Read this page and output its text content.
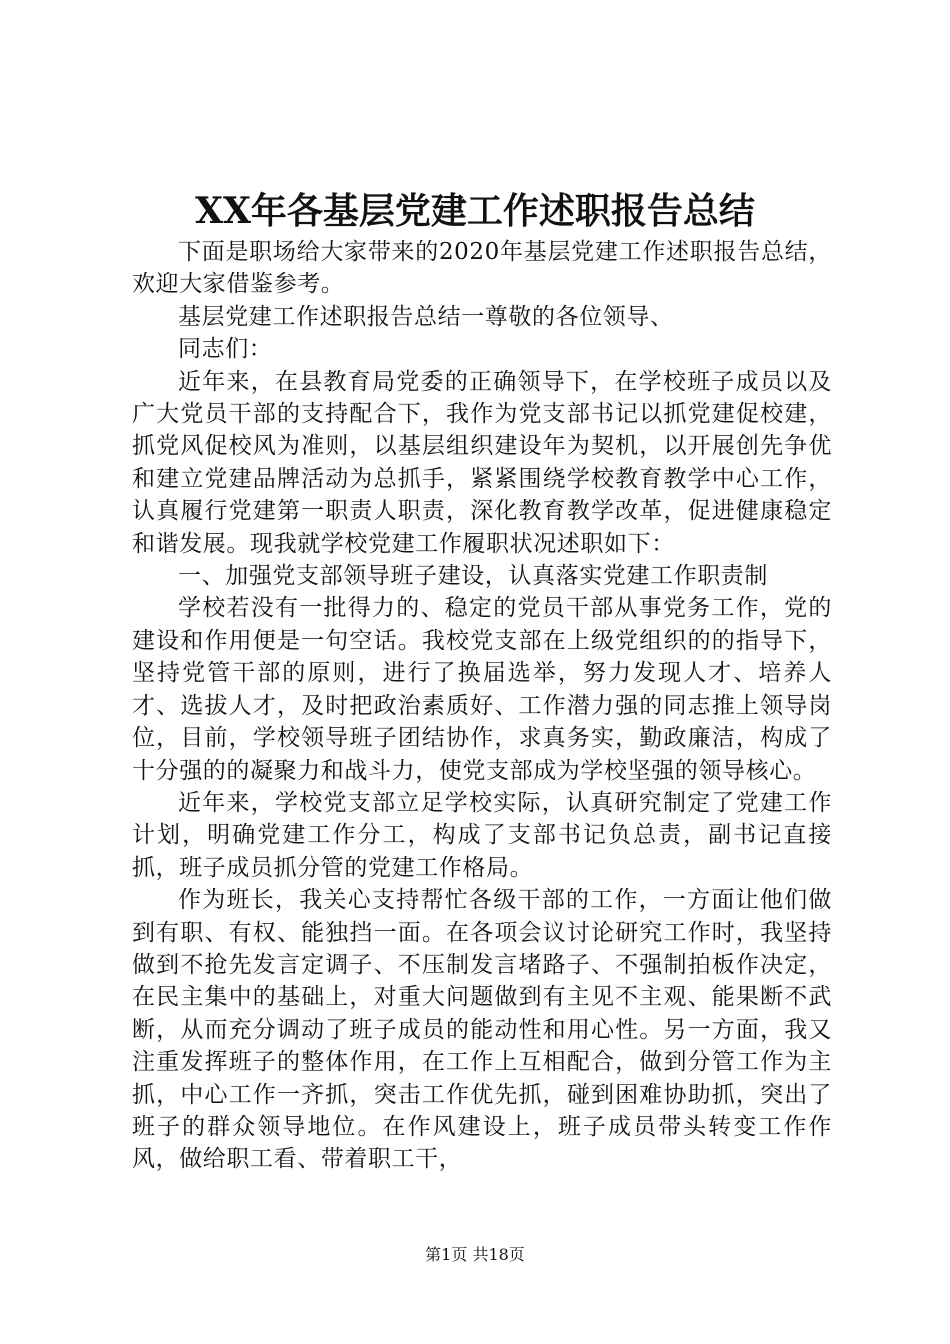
XX年各基层党建工作述职报告总结

下面是职场给大家带来的2020年基层党建工作述职报告总结，欢迎大家借鉴参考。

基层党建工作述职报告总结一尊敬的各位领导、

同志们：

近年来，在县教育局党委的正确领导下，在学校班子成员以及广大党员干部的支持配合下，我作为党支部书记以抓党建促校建，抓党风促校风为准则，以基层组织建设年为契机，以开展创先争优和建立党建品牌活动为总抓手，紧紧围绕学校教育教学中心工作，认真履行党建第一职责人职责，深化教育教学改革，促进健康稳定和谐发展。现我就学校党建工作履职状况述职如下：

一、加强党支部领导班子建设，认真落实党建工作职责制

学校若没有一批得力的、稳定的党员干部从事党务工作，党的建设和作用便是一句空话。我校党支部在上级党组织的的指导下，坚持党管干部的原则，进行了换届选举，努力发现人才、培养人才、选拔人才，及时把政治素质好、工作潜力强的同志推上领导岗位，目前，学校领导班子团结协作，求真务实，勤政廉洁，构成了十分强的的凝聚力和战斗力，使党支部成为学校坚强的领导核心。

近年来，学校党支部立足学校实际，认真研究制定了党建工作计划，明确党建工作分工，构成了支部书记负总责，副书记直接抓，班子成员抓分管的党建工作格局。

作为班长，我关心支持帮忙各级干部的工作，一方面让他们做到有职、有权、能独挡一面。在各项会议讨论研究工作时，我坚持做到不抢先发言定调子、不压制发言堵路子、不强制拍板作决定，在民主集中的基础上，对重大问题做到有主见不主观、能果断不武断，从而充分调动了班子成员的能动性和用心性。另一方面，我又注重发挥班子的整体作用，在工作上互相配合，做到分管工作为主抓，中心工作一齐抓，突击工作优先抓，碰到困难协助抓，突出了班子的群众领导地位。在作风建设上，班子成员带头转变工作作风，做给职工看、带着职工干，

第1页 共18页
